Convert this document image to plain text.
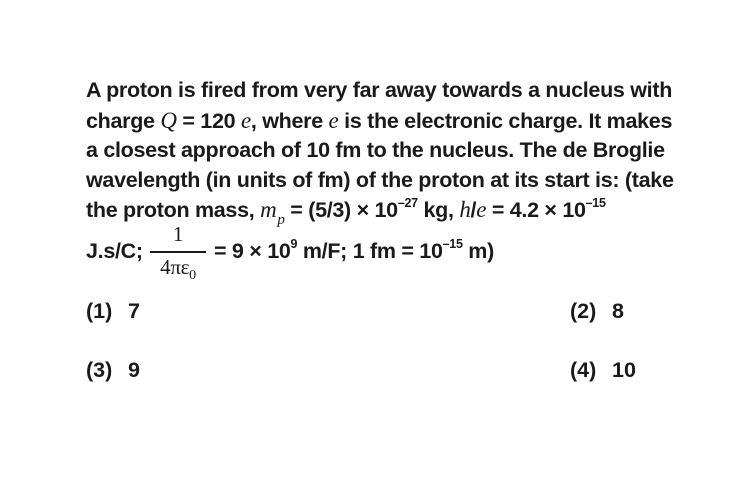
A proton is fired from very far away towards a nucleus with
charge Q = 120 e, where e is the electronic charge. It makes
a closest approach of 10 fm to the nucleus. The de Broglie
wavelength (in units of fm) of the proton at its start is: (take
the proton mass, $m_p = (5/3) \times 10^{-27}$ kg, $h/e = 4.2 \times 10^{-15}$
J.s/C;
1
$4\pi\varepsilon_0$
= $9 \times 10^9$ m/F; 1 fm = $10^{-15}$ m)
(1) 7	(2) 8
(3) 9	(4) 10
